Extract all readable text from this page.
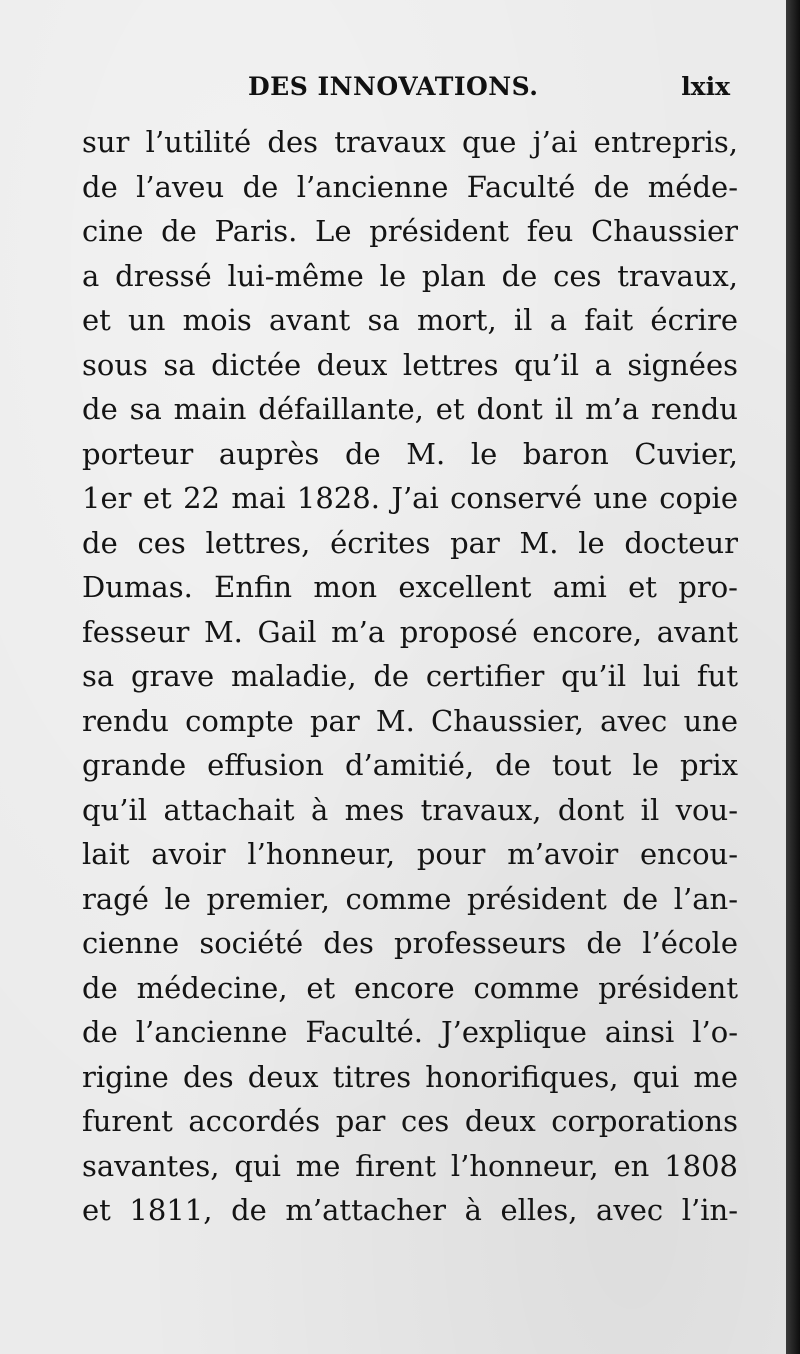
DES INNOVATIONS.	lxix
sur l’utilité des travaux que j’ai entrepris,
de l’aveu de l’ancienne Faculté de méde-
cine de Paris. Le président feu Chaussier
a dressé lui-même le plan de ces travaux,
et un mois avant sa mort, il a fait écrire
sous sa dictée deux lettres qu’il a signées
de sa main défaillante, et dont il m’a rendu
porteur auprès de M. le baron Cuvier,
1er et 22 mai 1828. J’ai conservé une copie
de ces lettres, écrites par M. le docteur
Dumas. Enfin mon excellent ami et pro-
fesseur M. Gail m’a proposé encore, avant
sa grave maladie, de certifier qu’il lui fut
rendu compte par M. Chaussier, avec une
grande effusion d’amitié, de tout le prix
qu’il attachait à mes travaux, dont il vou-
lait avoir l’honneur, pour m’avoir encou-
ragé le premier, comme président de l’an-
cienne société des professeurs de l’école
de médecine, et encore comme président
de l’ancienne Faculté. J’explique ainsi l’o-
rigine des deux titres honorifiques, qui me
furent accordés par ces deux corporations
savantes, qui me firent l’honneur, en 1808
et 1811, de m’attacher à elles, avec l’in-
